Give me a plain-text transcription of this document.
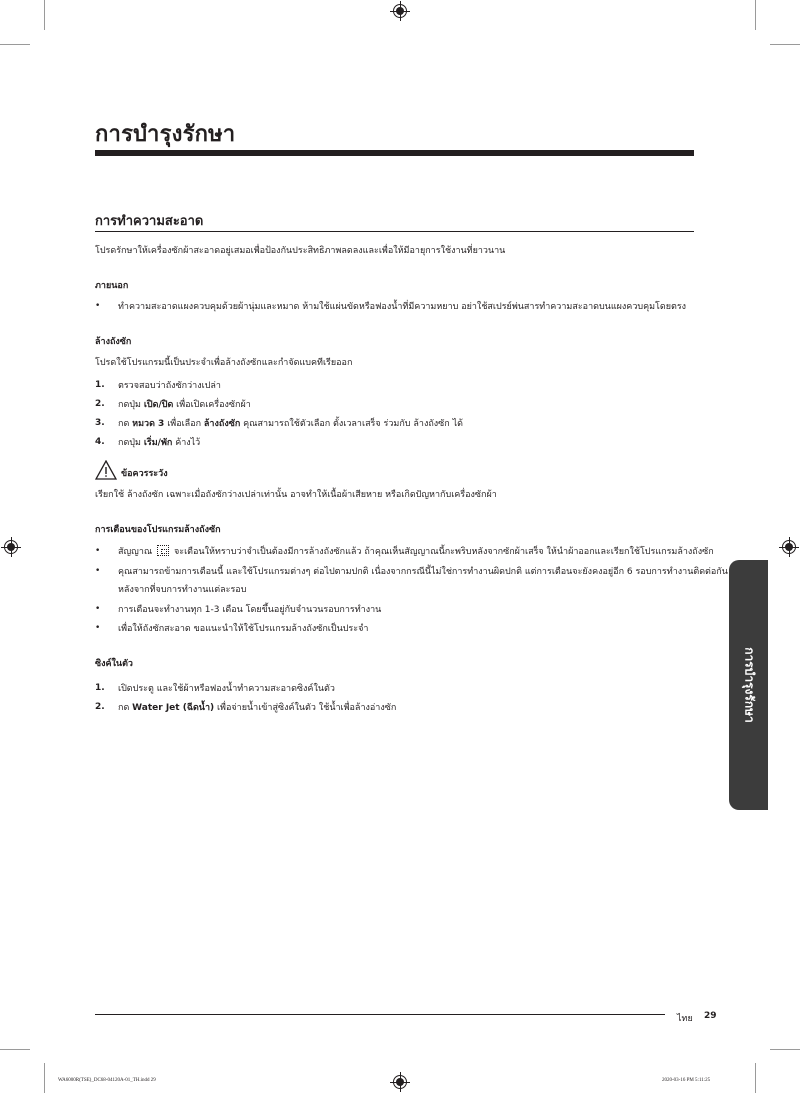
การบำรุงรักษา
การทำความสะอาด
โปรดรักษาให้เครื่องซักผ้าสะอาดอยู่เสมอเพื่อป้องกันประสิทธิภาพลดลงและเพื่อให้มีอายุการใช้งานที่ยาวนาน
ภายนอก
• ทำความสะอาดแผงควบคุมด้วยผ้านุ่มและหมาด ห้ามใช้แผ่นขัดหรือฟองน้ำที่มีความหยาบ อย่าใช้สเปรย์พ่นสารทำความสะอาดบนแผงควบคุมโดยตรง
ล้างถังซัก
โปรดใช้โปรแกรมนี้เป็นประจำเพื่อล้างถังซักและกำจัดแบคทีเรียออก
1. ตรวจสอบว่าถังซักว่างเปล่า
2. กดปุ่ม เปิด/ปิด เพื่อเปิดเครื่องซักผ้า
3. กด หมวด 3 เพื่อเลือก ล้างถังซัก คุณสามารถใช้ตัวเลือก ตั้งเวลาเสร็จ ร่วมกับ ล้างถังซัก ได้
4. กดปุ่ม เริ่ม/พัก ค้างไว้
ข้อควรระวัง
เรียกใช้ ล้างถังซัก เฉพาะเมื่อถังซักว่างเปล่าเท่านั้น อาจทำให้เนื้อผ้าเสียหาย หรือเกิดปัญหากับเครื่องซักผ้า
การเตือนของโปรแกรมล้างถังซัก
• สัญญาณ จะเตือนให้ทราบว่าจำเป็นต้องมีการล้างถังซักแล้ว ถ้าคุณเห็นสัญญาณนี้กะพริบหลังจากซักผ้าเสร็จ ให้นำผ้าออกและเรียกใช้โปรแกรมล้างถังซัก
• คุณสามารถข้ามการเตือนนี้ และใช้โปรแกรมต่างๆ ต่อไปตามปกติ เนื่องจากกรณีนี้ไม่ใช่การทำงานผิดปกติ แต่การเตือนจะยังคงอยู่อีก 6 รอบการทำงานติดต่อกัน
หลังจากที่จบการทำงานแต่ละรอบ
• การเตือนจะทำงานทุก 1-3 เดือน โดยขึ้นอยู่กับจำนวนรอบการทำงาน
• เพื่อให้ถังซักสะอาด ขอแนะนำให้ใช้โปรแกรมล้างถังซักเป็นประจำ
ซิงค์ในตัว
1. เปิดประตู และใช้ผ้าหรือฟองน้ำทำความสะอาดซิงค์ในตัว
2. กด Water Jet (ฉีดน้ำ) เพื่อจ่ายน้ำเข้าสู่ซิงค์ในตัว ใช้น้ำเพื่อล้างอ่างซัก	การบำรุงรักษา
ไทย 29
WA6000R(TSE)_DC68-04120A-01_TH.indd 29	2020-03-16 PM 5:11:25
